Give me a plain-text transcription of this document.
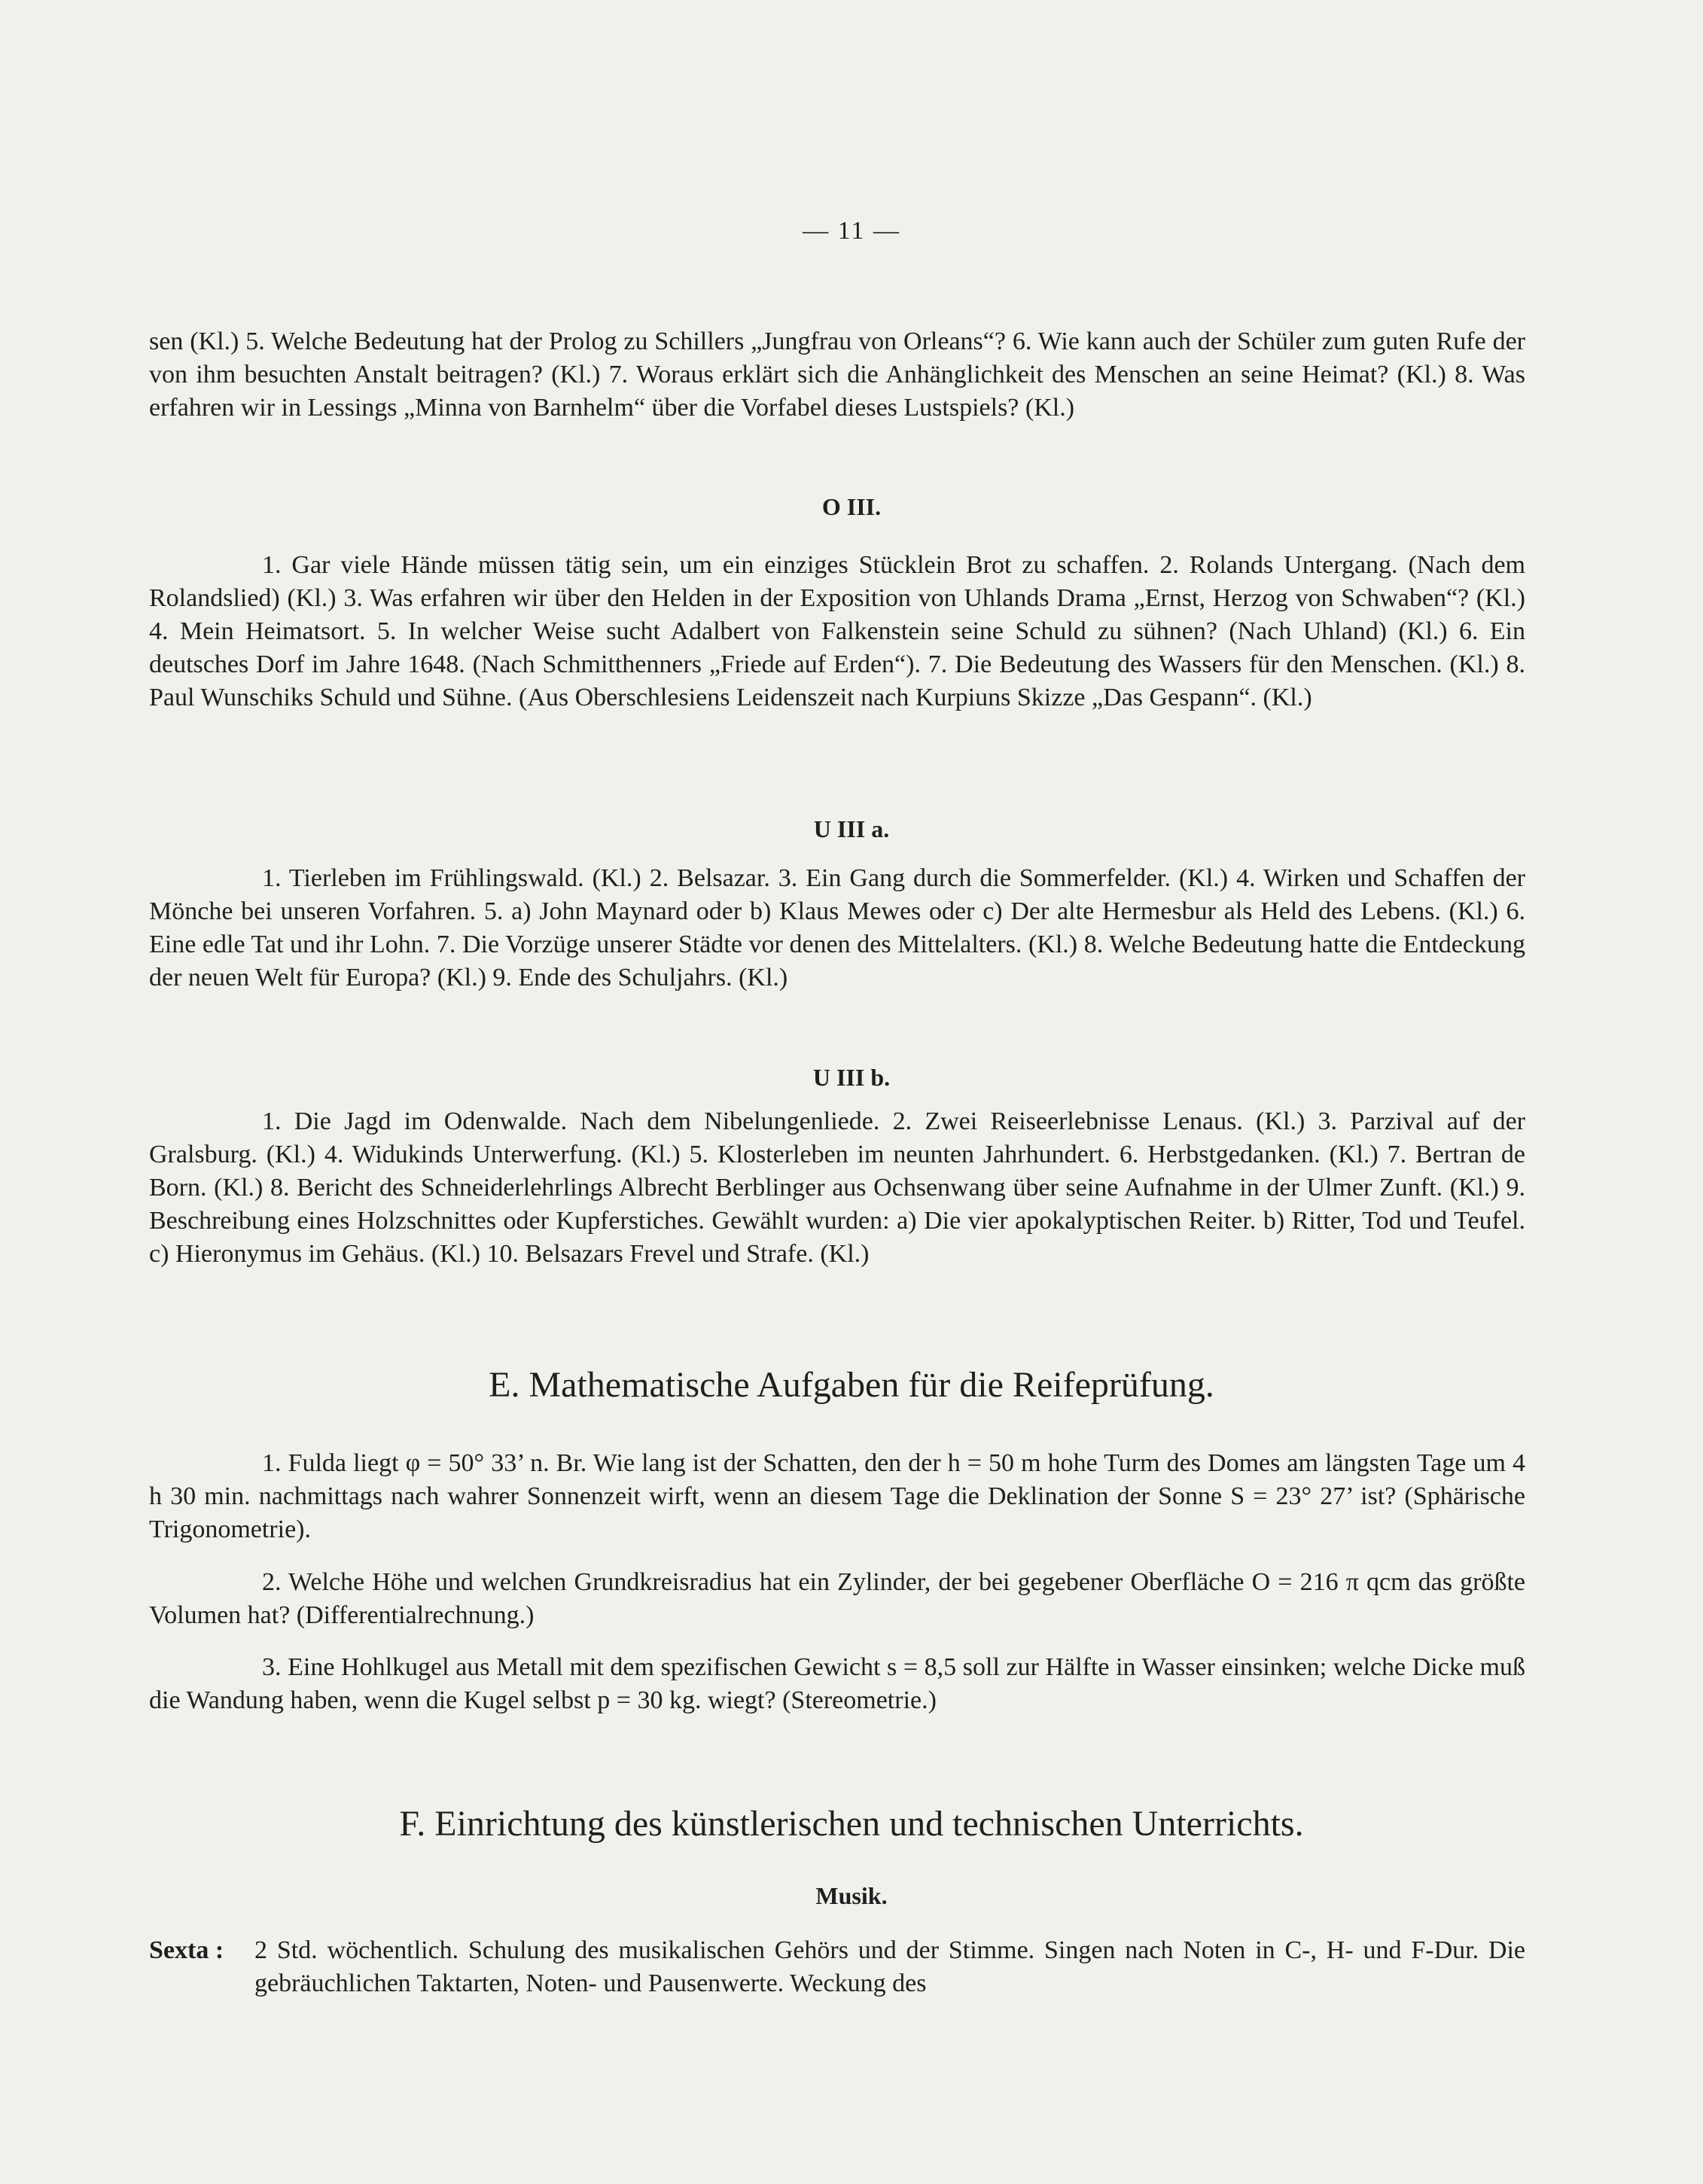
— 11 —
sen (Kl.) 5. Welche Bedeutung hat der Prolog zu Schillers „Jungfrau von Orleans“? 6. Wie kann auch der Schüler zum guten Rufe der von ihm besuchten Anstalt beitragen? (Kl.) 7. Woraus erklärt sich die Anhänglichkeit des Menschen an seine Heimat? (Kl.) 8. Was erfahren wir in Lessings „Minna von Barnhelm“ über die Vorfabel dieses Lustspiels? (Kl.)
O III.
1. Gar viele Hände müssen tätig sein, um ein einziges Stücklein Brot zu schaffen. 2. Rolands Untergang. (Nach dem Rolandslied) (Kl.) 3. Was erfahren wir über den Helden in der Exposition von Uhlands Drama „Ernst, Herzog von Schwaben“? (Kl.) 4. Mein Heimatsort. 5. In welcher Weise sucht Adalbert von Falkenstein seine Schuld zu sühnen? (Nach Uhland) (Kl.) 6. Ein deutsches Dorf im Jahre 1648. (Nach Schmitthenners „Friede auf Erden“). 7. Die Bedeutung des Wassers für den Menschen. (Kl.) 8. Paul Wunschiks Schuld und Sühne. (Aus Oberschlesiens Leidenszeit nach Kurpiuns Skizze „Das Gespann“. (Kl.)
U III a.
1. Tierleben im Frühlingswald. (Kl.) 2. Belsazar. 3. Ein Gang durch die Sommerfelder. (Kl.) 4. Wirken und Schaffen der Mönche bei unseren Vorfahren. 5. a) John Maynard oder b) Klaus Mewes oder c) Der alte Hermesbur als Held des Lebens. (Kl.) 6. Eine edle Tat und ihr Lohn. 7. Die Vorzüge unserer Städte vor denen des Mittelalters. (Kl.) 8. Welche Bedeutung hatte die Entdeckung der neuen Welt für Europa? (Kl.) 9. Ende des Schuljahrs. (Kl.)
U III b.
1. Die Jagd im Odenwalde. Nach dem Nibelungenliede. 2. Zwei Reiseerlebnisse Lenaus. (Kl.) 3. Parzival auf der Gralsburg. (Kl.) 4. Widukinds Unterwerfung. (Kl.) 5. Klosterleben im neunten Jahrhundert. 6. Herbstgedanken. (Kl.) 7. Bertran de Born. (Kl.) 8. Bericht des Schneiderlehrlings Albrecht Berblinger aus Ochsenwang über seine Aufnahme in der Ulmer Zunft. (Kl.) 9. Beschreibung eines Holzschnittes oder Kupferstiches. Gewählt wurden: a) Die vier apokalyptischen Reiter. b) Ritter, Tod und Teufel. c) Hieronymus im Gehäus. (Kl.) 10. Belsazars Frevel und Strafe. (Kl.)
E. Mathematische Aufgaben für die Reifeprüfung.
1. Fulda liegt φ = 50° 33’ n. Br. Wie lang ist der Schatten, den der h = 50 m hohe Turm des Domes am längsten Tage um 4 h 30 min. nachmittags nach wahrer Sonnenzeit wirft, wenn an diesem Tage die Deklination der Sonne S = 23° 27’ ist? (Sphärische Trigonometrie).
2. Welche Höhe und welchen Grundkreisradius hat ein Zylinder, der bei gegebener Oberfläche O = 216 π qcm das größte Volumen hat? (Differentialrechnung.)
3. Eine Hohlkugel aus Metall mit dem spezifischen Gewicht s = 8,5 soll zur Hälfte in Wasser einsinken; welche Dicke muß die Wandung haben, wenn die Kugel selbst p = 30 kg. wiegt? (Stereometrie.)
F. Einrichtung des künstlerischen und technischen Unterrichts.
Musik.
Sexta : 2 Std. wöchentlich. Schulung des musikalischen Gehörs und der Stimme. Singen nach Noten in C-, H- und F-Dur. Die gebräuchlichen Taktarten, Noten- und Pausenwerte. Weckung des
